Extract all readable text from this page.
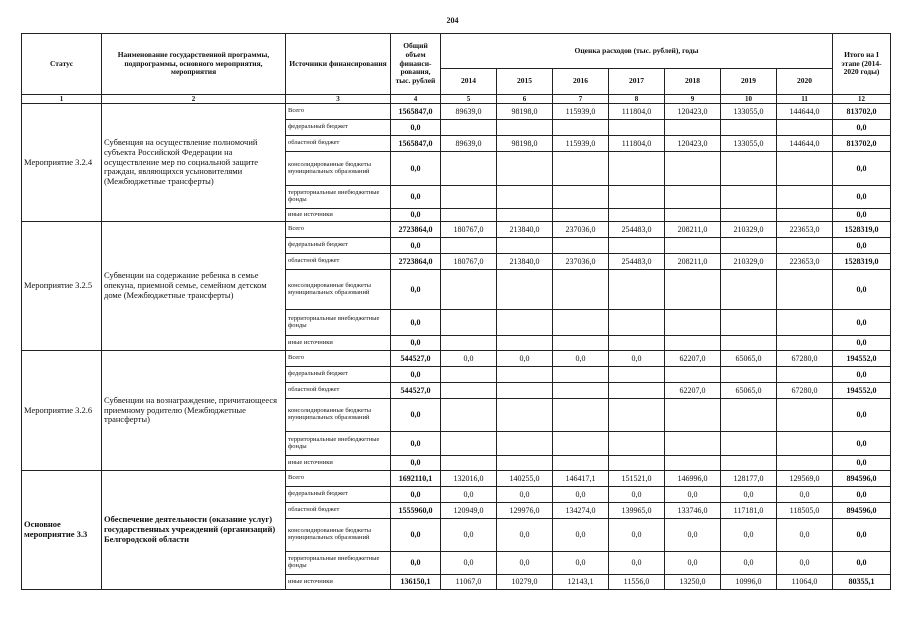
204
Статус	Наименование государственной программы, подпрограммы, основного мероприятия, мероприятия	Источники финансирования	Общий объем финанси-рования, тыс. рублей	Оценка расходов (тыс. рублей), годы							Итого на I этапе (2014-2020 годы)
				2014	2015	2016	2017	2018	2019	2020	
1	2	3	4	5	6	7	8	9	10	11	12
Мероприятие 3.2.4	Субвенция на осуществление полномочий субъекта Российской Федерации на осуществление мер по социальной защите граждан, являющихся усыновителями (Межбюджетные трансферты)	Всего	1565847,0	89639,0	98198,0	115939,0	111804,0	120423,0	133055,0	144644,0	813702,0
		федеральный бюджет	0,0								0,0
		областной бюджет	1565847,0	89639,0	98198,0	115939,0	111804,0	120423,0	133055,0	144644,0	813702,0
		консолидированные бюджеты муниципальных образований	0,0								0,0
		территориальные внебюджетные фонды	0,0								0,0
		иные источники	0,0								0,0
Мероприятие 3.2.5	Субвенции на содержание ребенка в семье опекуна, приемной семье, семейном детском доме (Межбюджетные трансферты)	Всего	2723864,0	180767,0	213840,0	237036,0	254483,0	208211,0	210329,0	223653,0	1528319,0
		федеральный бюджет	0,0								0,0
		областной бюджет	2723864,0	180767,0	213840,0	237036,0	254483,0	208211,0	210329,0	223653,0	1528319,0
		консолидированные бюджеты муниципальных образований	0,0								0,0
		территориальные внебюджетные фонды	0,0								0,0
		иные источники	0,0								0,0
Мероприятие 3.2.6	Субвенции на вознаграждение, причитающееся приемному родителю (Межбюджетные трансферты)	Всего	544527,0	0,0	0,0	0,0	0,0	62207,0	65065,0	67280,0	194552,0
		федеральный бюджет	0,0								0,0
		областной бюджет	544527,0					62207,0	65065,0	67280,0	194552,0
		консолидированные бюджеты муниципальных образований	0,0								0,0
		территориальные внебюджетные фонды	0,0								0,0
		иные источники	0,0								0,0
Основное мероприятие 3.3	Обеспечение деятельности (оказание услуг) государственных учреждений (организаций) Белгородской области	Всего	1692110,1	132016,0	140255,0	146417,1	151521,0	146996,0	128177,0	129569,0	894596,0
		федеральный бюджет	0,0	0,0	0,0	0,0	0,0	0,0	0,0	0,0	0,0
		областной бюджет	1555960,0	120949,0	129976,0	134274,0	139965,0	133746,0	117181,0	118505,0	894596,0
		консолидированные бюджеты муниципальных образований	0,0	0,0	0,0	0,0	0,0	0,0	0,0	0,0	0,0
		территориальные внебюджетные фонды	0,0	0,0	0,0	0,0	0,0	0,0	0,0	0,0	0,0
		иные источники	136150,1	11067,0	10279,0	12143,1	11556,0	13250,0	10996,0	11064,0	80355,1
